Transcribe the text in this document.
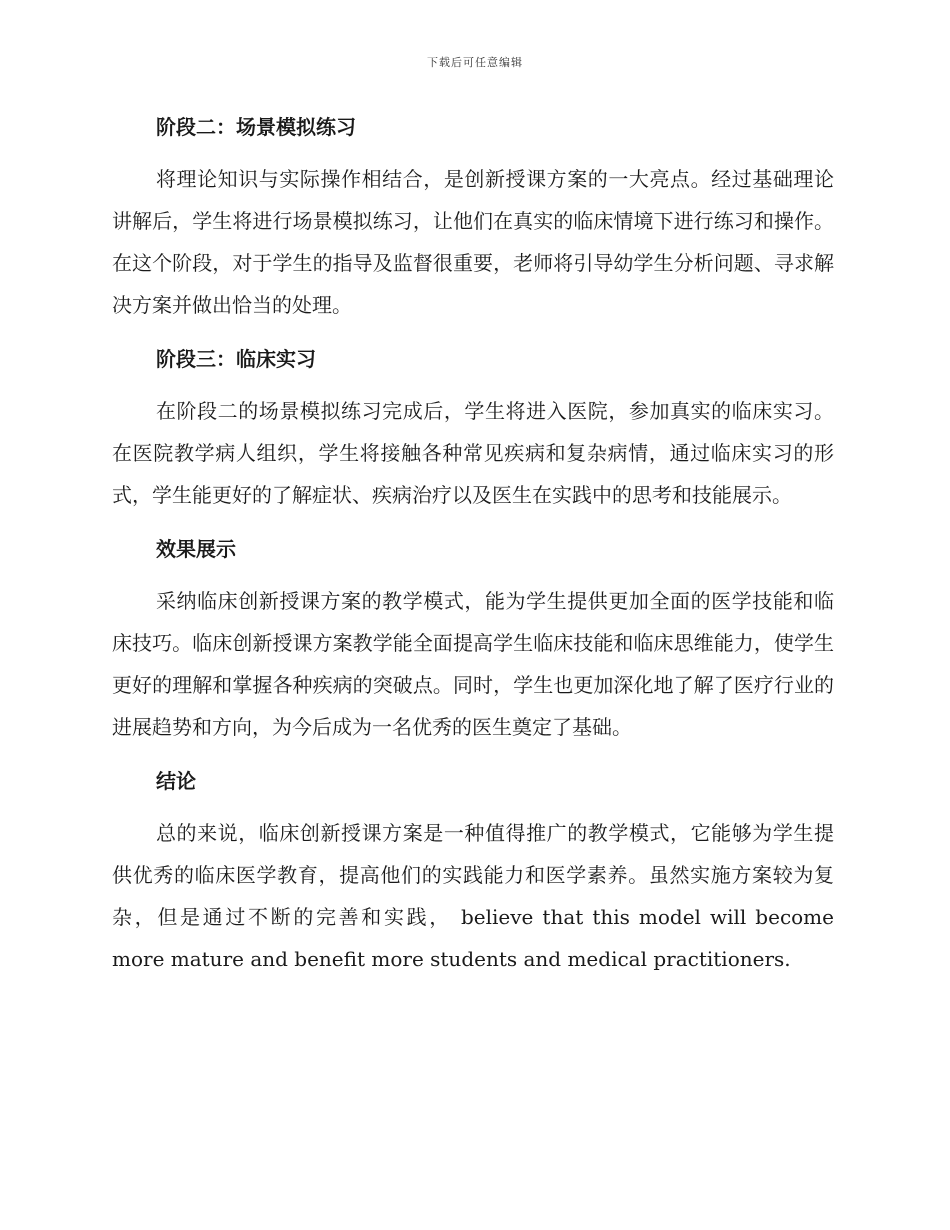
下载后可任意编辑
阶段二：场景模拟练习

将理论知识与实际操作相结合，是创新授课方案的一大亮点。经过基础理论讲解后，学生将进行场景模拟练习，让他们在真实的临床情境下进行练习和操作。在这个阶段，对于学生的指导及监督很重要，老师将引导幼学生分析问题、寻求解决方案并做出恰当的处理。

阶段三：临床实习

在阶段二的场景模拟练习完成后，学生将进入医院，参加真实的临床实习。在医院教学病人组织，学生将接触各种常见疾病和复杂病情，通过临床实习的形式，学生能更好的了解症状、疾病治疗以及医生在实践中的思考和技能展示。

效果展示

采纳临床创新授课方案的教学模式，能为学生提供更加全面的医学技能和临床技巧。临床创新授课方案教学能全面提高学生临床技能和临床思维能力，使学生更好的理解和掌握各种疾病的突破点。同时，学生也更加深化地了解了医疗行业的进展趋势和方向，为今后成为一名优秀的医生奠定了基础。

结论

总的来说，临床创新授课方案是一种值得推广的教学模式，它能够为学生提供优秀的临床医学教育，提高他们的实践能力和医学素养。虽然实施方案较为复杂，但是通过不断的完善和实践， believe that this model will become more mature and benefit more students and medical practitioners.
